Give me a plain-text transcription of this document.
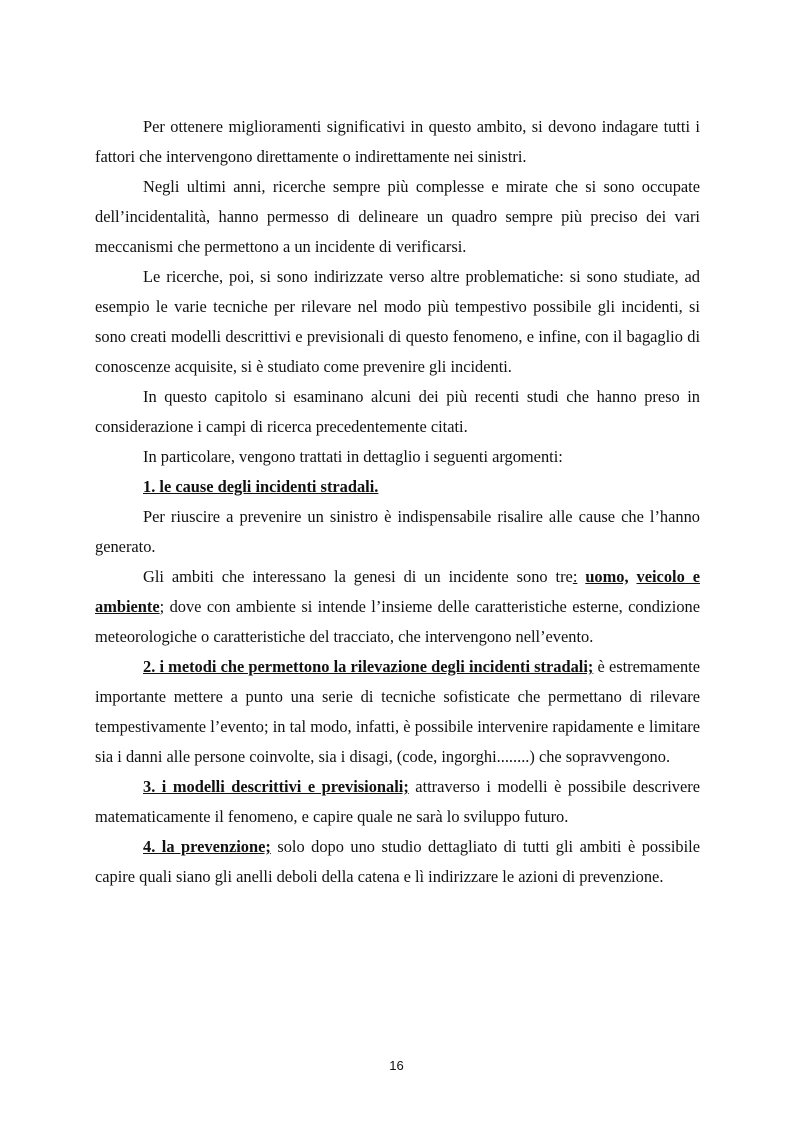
Per ottenere miglioramenti significativi in questo ambito, si devono indagare tutti i fattori che intervengono direttamente o indirettamente nei sinistri.

Negli ultimi anni, ricerche sempre più complesse e mirate che si sono occupate dell’incidentalità, hanno permesso di delineare un quadro sempre più preciso dei vari meccanismi che permettono a un incidente di verificarsi.

Le ricerche, poi, si sono indirizzate verso altre problematiche: si sono studiate, ad esempio le varie tecniche per rilevare nel modo più tempestivo possibile gli incidenti, si sono creati modelli descrittivi e previsionali di questo fenomeno, e infine, con il bagaglio di conoscenze acquisite, si è studiato come prevenire gli incidenti.

In questo capitolo si esaminano alcuni dei più recenti studi che hanno preso in considerazione i campi di ricerca precedentemente citati.

In particolare, vengono trattati in dettaglio i seguenti argomenti:

1. le cause degli incidenti stradali.

Per riuscire a prevenire un sinistro è indispensabile risalire alle cause che l’hanno generato.

Gli ambiti che interessano la genesi di un incidente sono tre: uomo, veicolo e ambiente; dove con ambiente si intende l’insieme delle caratteristiche esterne, condizione meteorologiche o caratteristiche del tracciato, che intervengono nell’evento.

2. i metodi che permettono la rilevazione degli incidenti stradali; è estremamente importante mettere a punto una serie di tecniche sofisticate che permettano di rilevare tempestivamente l’evento; in tal modo, infatti, è possibile intervenire rapidamente e limitare sia i danni alle persone coinvolte, sia i disagi, (code, ingorghi........) che sopravvengono.

3. i modelli descrittivi e previsionali; attraverso i modelli è possibile descrivere matematicamente il fenomeno, e capire quale ne sarà lo sviluppo futuro.

4. la prevenzione; solo dopo uno studio dettagliato di tutti gli ambiti è possibile capire quali siano gli anelli deboli della catena e lì indirizzare le azioni di prevenzione.

16
